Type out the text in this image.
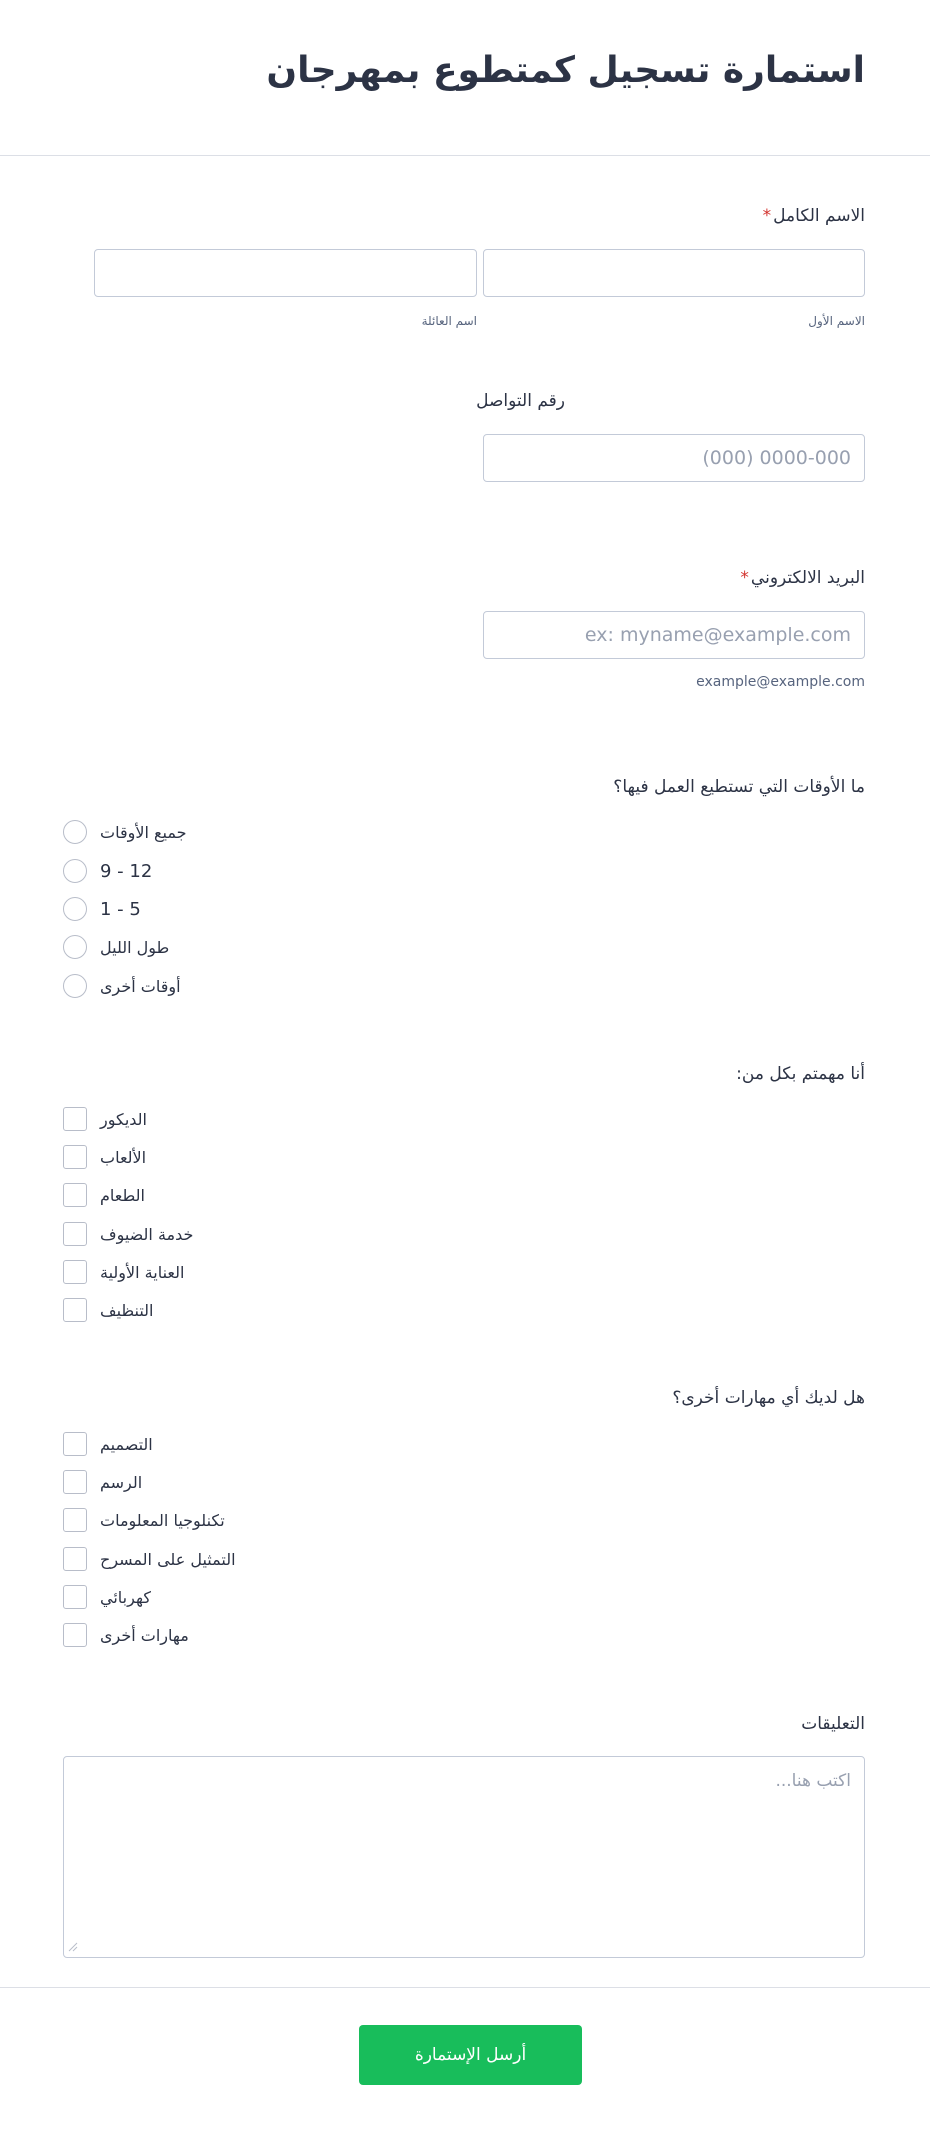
استمارة تسجيل كمتطوع بمهرجان
الاسم الكامل*
الاسم الأول
اسم العائلة
رقم التواصل
(000) 0000-000
البريد الالكتروني*
ex: myname@example.com
example@example.com
ما الأوقات التي تستطيع العمل فيها؟
جميع الأوقات
9 - 12
1 - 5
طول الليل
أوقات أخرى
أنا مهمتم بكل من:
الديكور
الألعاب
الطعام
خدمة الضيوف
العناية الأولية
التنظيف
هل لديك أي مهارات أخرى؟
التصميم
الرسم
تكنلوجيا المعلومات
التمثيل على المسرح
كهربائي
مهارات أخرى
التعليقات
اكتب هنا...
أرسل الإستمارة
